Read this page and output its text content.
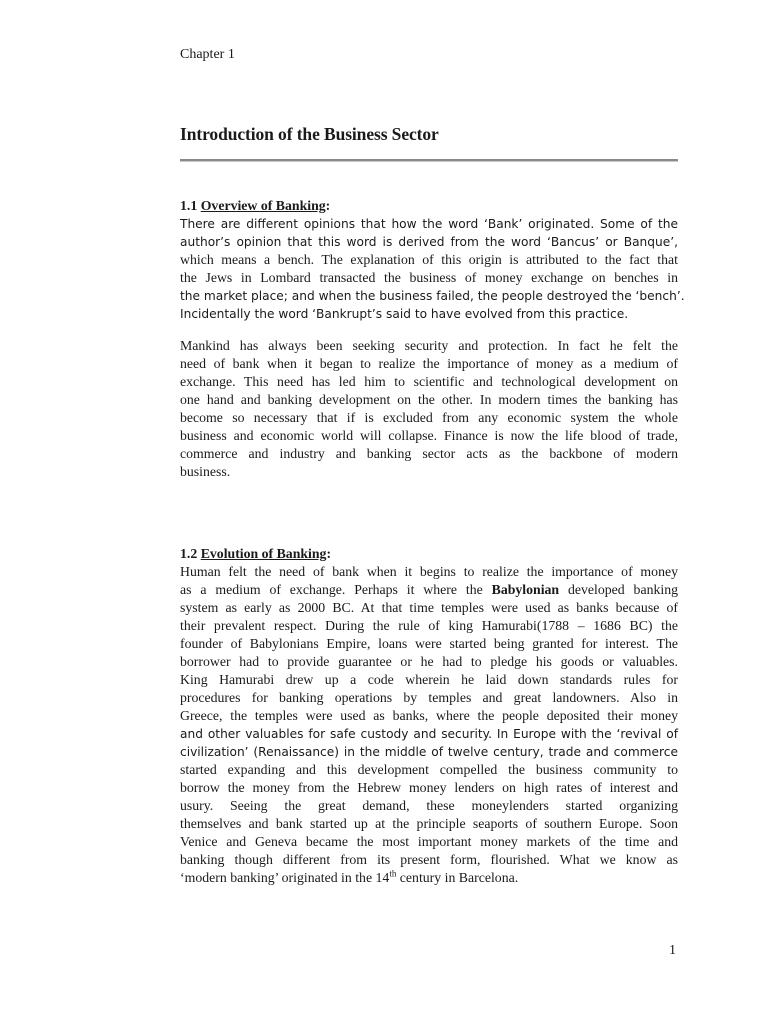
Chapter 1
Introduction of the Business Sector
1.1 Overview of Banking:

There are different opinions that how the word ‘Bank’ originated. Some of the
author’s opinion that this word is derived from the word ‘Bancus’ or Banque’,
which means a bench. The explanation of this origin is attributed to the fact that
the Jews in Lombard transacted the business of money exchange on benches in
the market place; and when the business failed, the people destroyed the ‘bench’.
Incidentally the word ‘Bankrupt’s said to have evolved from this practice.

Mankind has always been seeking security and protection. In fact he felt the
need of bank when it began to realize the importance of money as a medium of
exchange. This need has led him to scientific and technological development on
one hand and banking development on the other. In modern times the banking has
become so necessary that if is excluded from any economic system the whole
business and economic world will collapse. Finance is now the life blood of trade,
commerce and industry and banking sector acts as the backbone of modern
business.

1.2 Evolution of Banking:

Human felt the need of bank when it begins to realize the importance of money
as a medium of exchange. Perhaps it where the Babylonian developed banking
system as early as 2000 BC. At that time temples were used as banks because of
their prevalent respect. During the rule of king Hamurabi(1788 – 1686 BC) the
founder of Babylonians Empire, loans were started being granted for interest. The
borrower had to provide guarantee or he had to pledge his goods or valuables.
King Hamurabi drew up a code wherein he laid down standards rules for
procedures for banking operations by temples and great landowners. Also in
Greece, the temples were used as banks, where the people deposited their money
and other valuables for safe custody and security. In Europe with the ‘revival of
civilization’ (Renaissance) in the middle of twelve century, trade and commerce
started expanding and this development compelled the business community to
borrow the money from the Hebrew money lenders on high rates of interest and
usury. Seeing the great demand, these moneylenders started organizing
themselves and bank started up at the principle seaports of southern Europe. Soon
Venice and Geneva became the most important money markets of the time and
banking though different from its present form, flourished. What we know as
‘modern banking’ originated in the 14th century in Barcelona.

1
